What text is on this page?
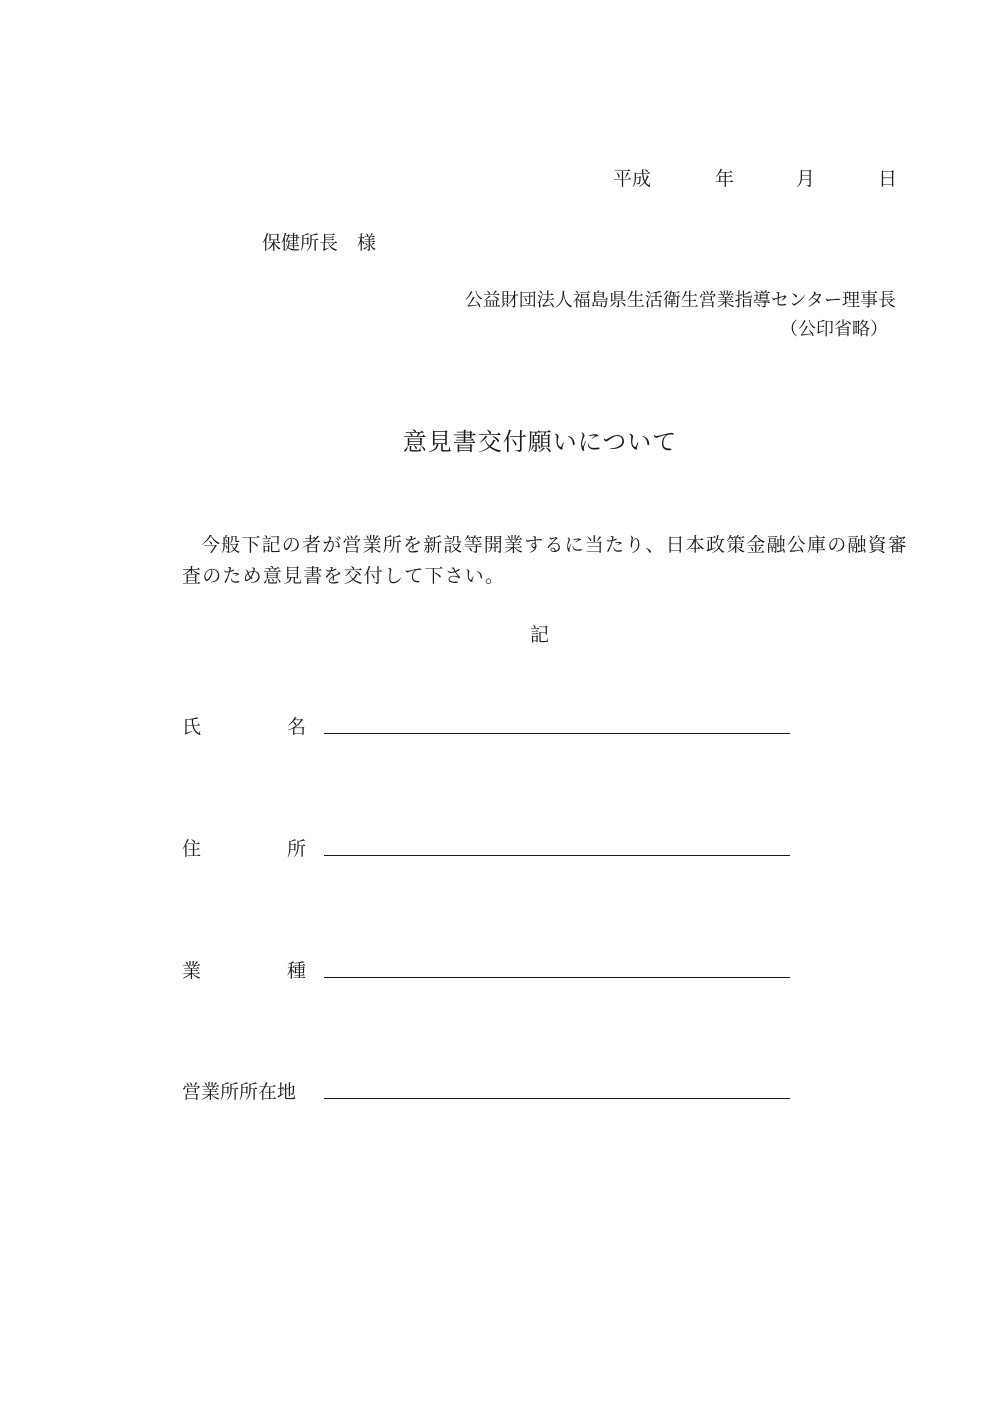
平成	年	月	日
保健所長　様
公益財団法人福島県生活衛生営業指導センター理事長
（公印省略）
意見書交付願いについて
今般下記の者が営業所を新設等開業するに当たり、日本政策金融公庫の融資審査のため意見書を交付して下さい。
記
氏	名
住	所
業	種
営業所所在地
